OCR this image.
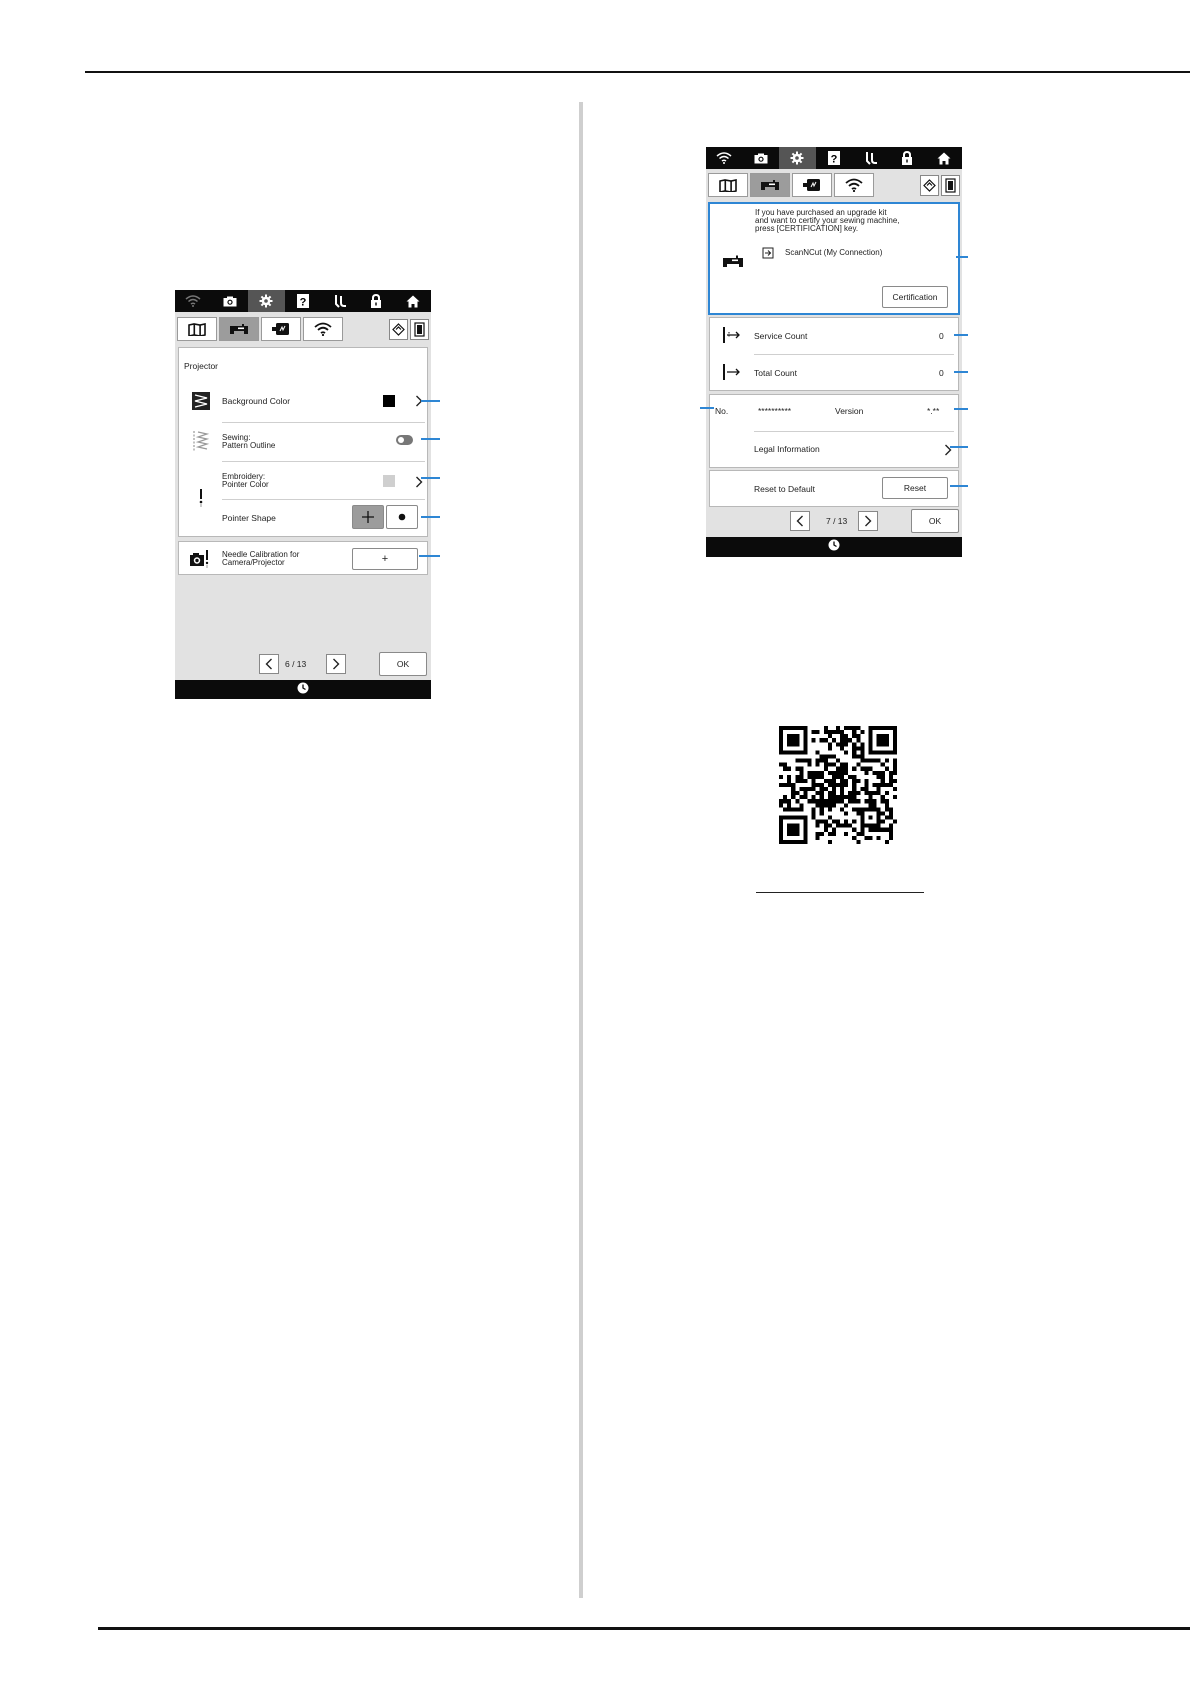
?
Projector
Background Color
Sewing:
Pattern Outline
Embroidery:
Pointer Color
Pointer Shape
Needle Calibration for
Camera/Projector	+
6 / 13	OK
?
If you have purchased an upgrade kit
and want to certify your sewing machine,
press [CERTIFICATION] key.
ScanNCut (My Connection)
Certification
Service Count	0
Total Count	0
No.	**********	Version	*.**
Legal Information
Reset to Default	Reset
7 / 13	OK
